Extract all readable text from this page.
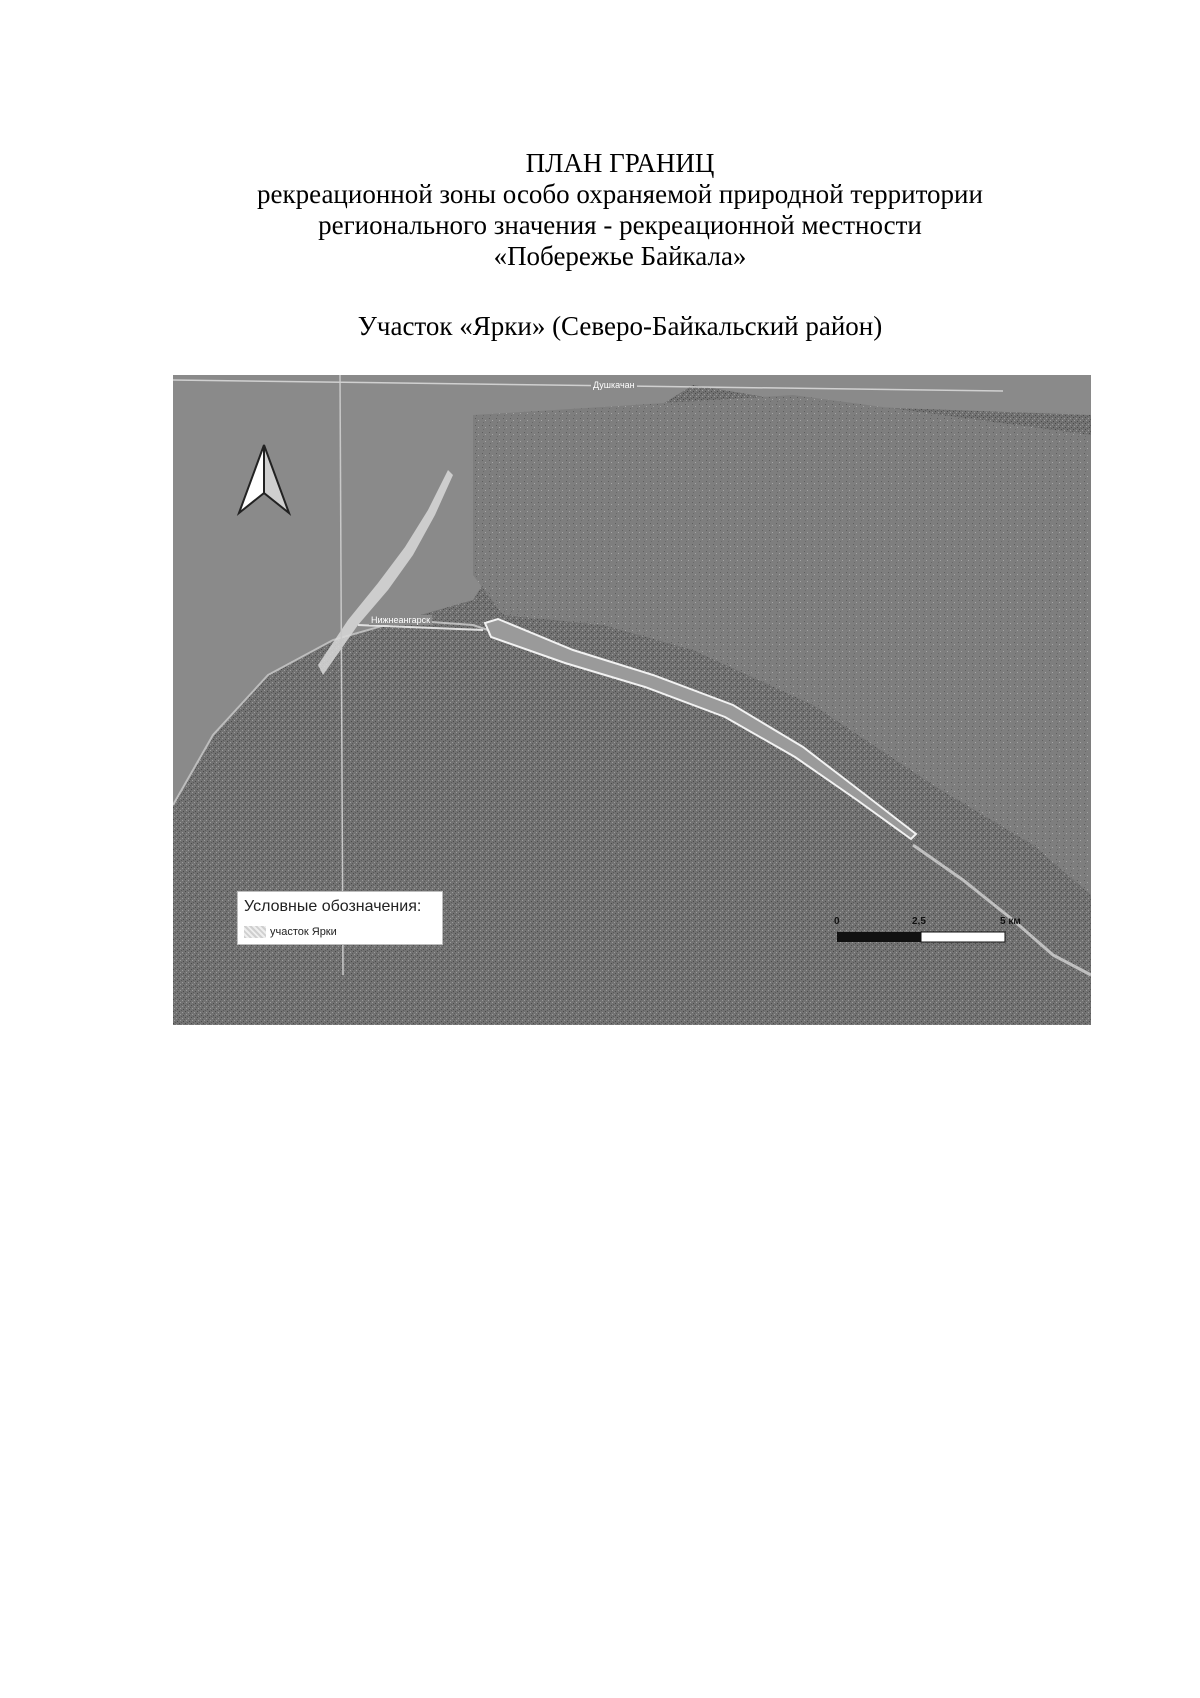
ПЛАН ГРАНИЦ
рекреационной зоны особо охраняемой природной территории
регионального значения - рекреационной местности
«Побережье Байкала»
Участок «Ярки» (Северо-Байкальский район)
Нижнеангарск
Душкачан
0	2,5	5 км
Условные обозначения:
участок Ярки
